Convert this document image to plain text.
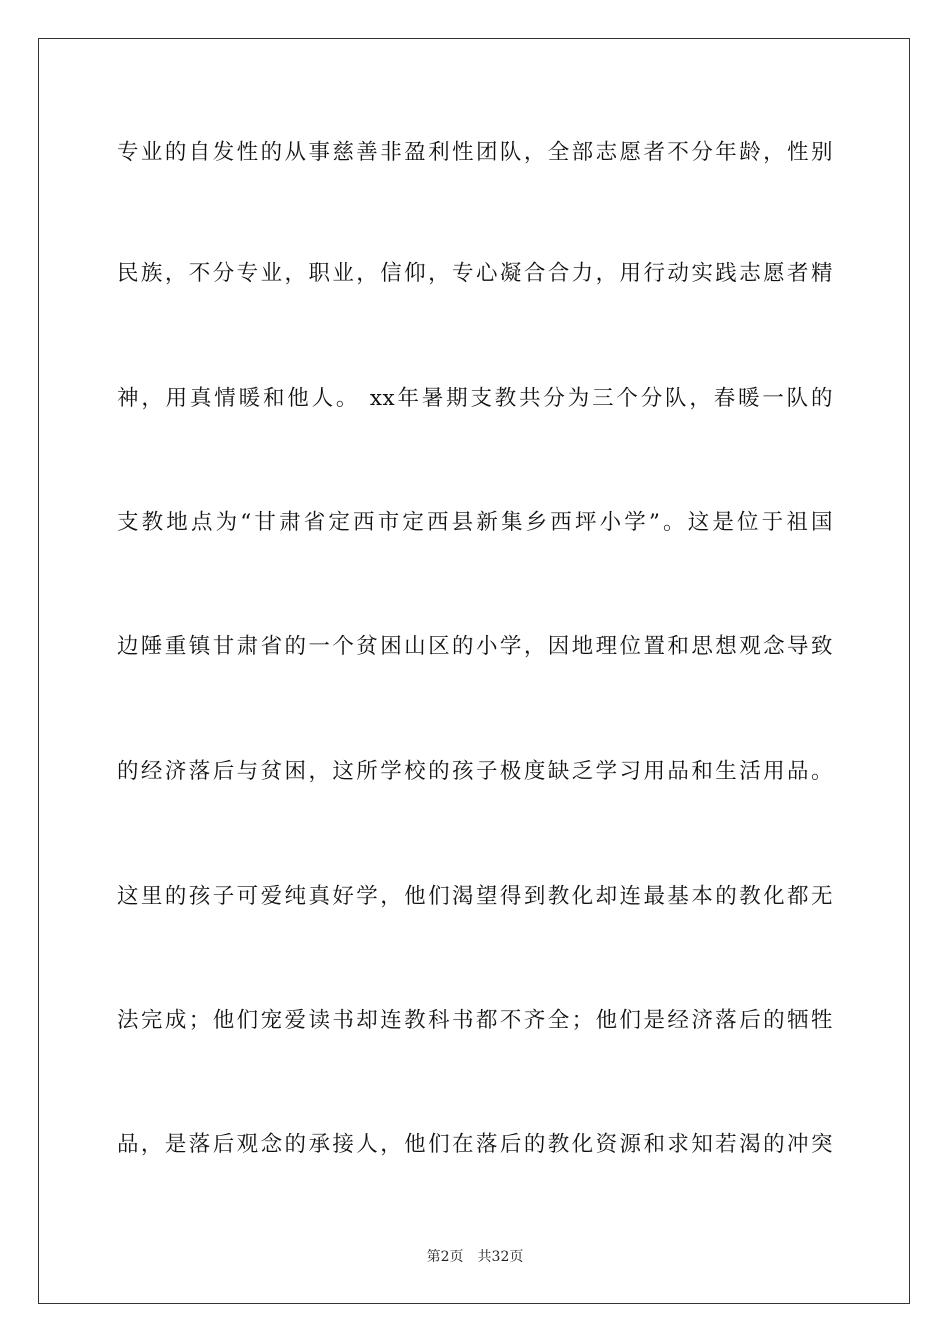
专业的自发性的从事慈善非盈利性团队，全部志愿者不分年龄，性别
民族，不分专业，职业，信仰，专心凝合合力，用行动实践志愿者精
神，用真情暖和他人。 xx年暑期支教共分为三个分队，春暖一队的
支教地点为“甘肃省定西市定西县新集乡西坪小学”。这是位于祖国
边陲重镇甘肃省的一个贫困山区的小学，因地理位置和思想观念导致
的经济落后与贫困，这所学校的孩子极度缺乏学习用品和生活用品。
这里的孩子可爱纯真好学，他们渴望得到教化却连最基本的教化都无
法完成；他们宠爱读书却连教科书都不齐全；他们是经济落后的牺牲
品，是落后观念的承接人，他们在落后的教化资源和求知若渴的冲突
第2页 共32页
